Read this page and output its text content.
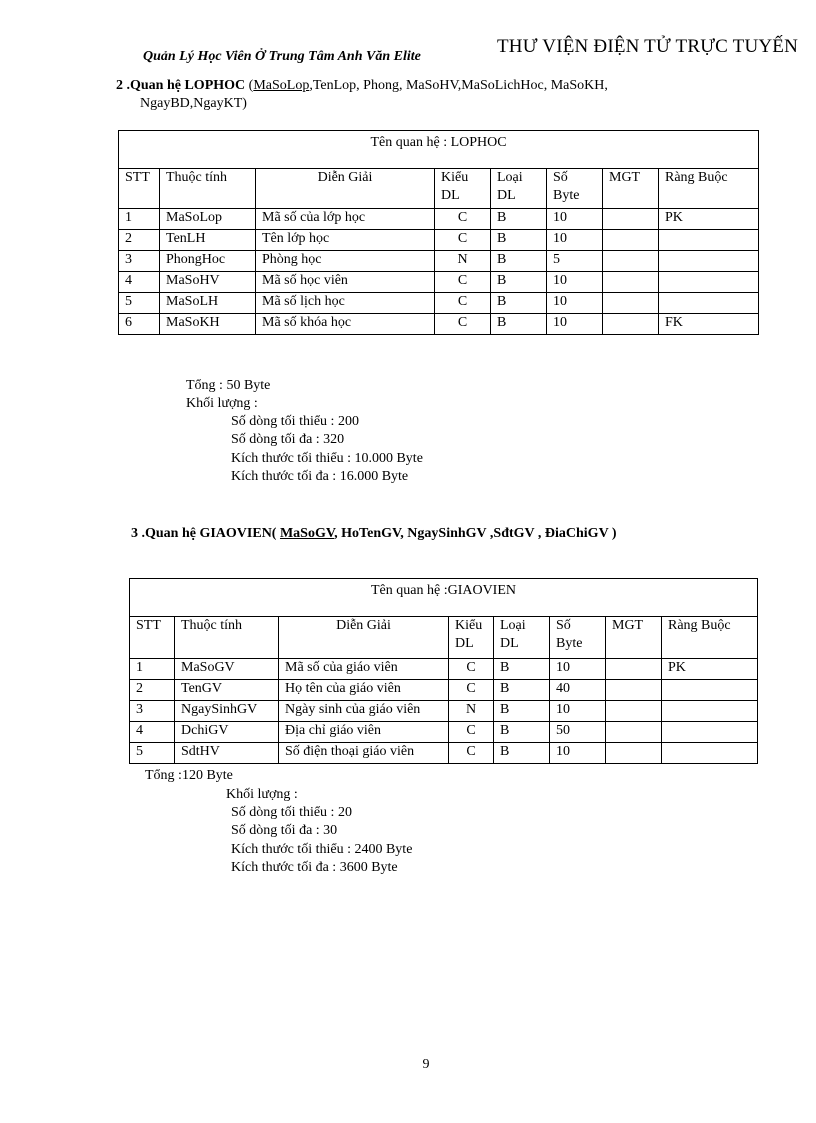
Quản Lý Học Viên Ở Trung Tâm Anh Văn Elite	THƯ VIỆN ĐIỆN TỬ TRỰC TUYẾN
2 .Quan hệ LOPHOC (MaSoLop,TenLop, Phong, MaSoHV,MaSoLichHoc, MaSoKH,
NgayBD,NgayKT)
Tên quan hệ : LOPHOC							
STT	Thuộc tính	Diễn Giải	Kiểu DL	Loại DL	Số Byte	MGT	Ràng Buộc
1	MaSoLop	Mã số của lớp học	C	B	10		PK
2	TenLH	Tên lớp học	C	B	10		
3	PhongHoc	Phòng học	N	B	5		
4	MaSoHV	Mã số học viên	C	B	10		
5	MaSoLH	Mã số lịch học	C	B	10		
6	MaSoKH	Mã số khóa học	C	B	10		FK
Tổng : 50 Byte
Khối lượng :
Số dòng tối thiểu : 200
Số dòng tối đa : 320
Kích thước tối thiểu : 10.000 Byte
Kích thước tối đa : 16.000 Byte
3 .Quan hệ GIAOVIEN( MaSoGV, HoTenGV, NgaySinhGV ,SđtGV , ĐiaChiGV )
Tên quan hệ :GIAOVIEN							
STT	Thuộc tính	Diễn Giải	Kiểu DL	Loại DL	Số Byte	MGT	Ràng Buộc
1	MaSoGV	Mã số của giáo viên	C	B	10		PK
2	TenGV	Họ tên của giáo viên	C	B	40		
3	NgaySinhGV	Ngày sinh của giáo viên	N	B	10		
4	DchiGV	Địa chỉ giáo viên	C	B	50		
5	SdtHV	Số điện thoại giáo viên	C	B	10		
Tổng :120 Byte
Khối lượng :
Số dòng tối thiểu : 20
Số dòng tối đa : 30
Kích thước tối thiểu : 2400 Byte
Kích thước tối đa : 3600 Byte
9
